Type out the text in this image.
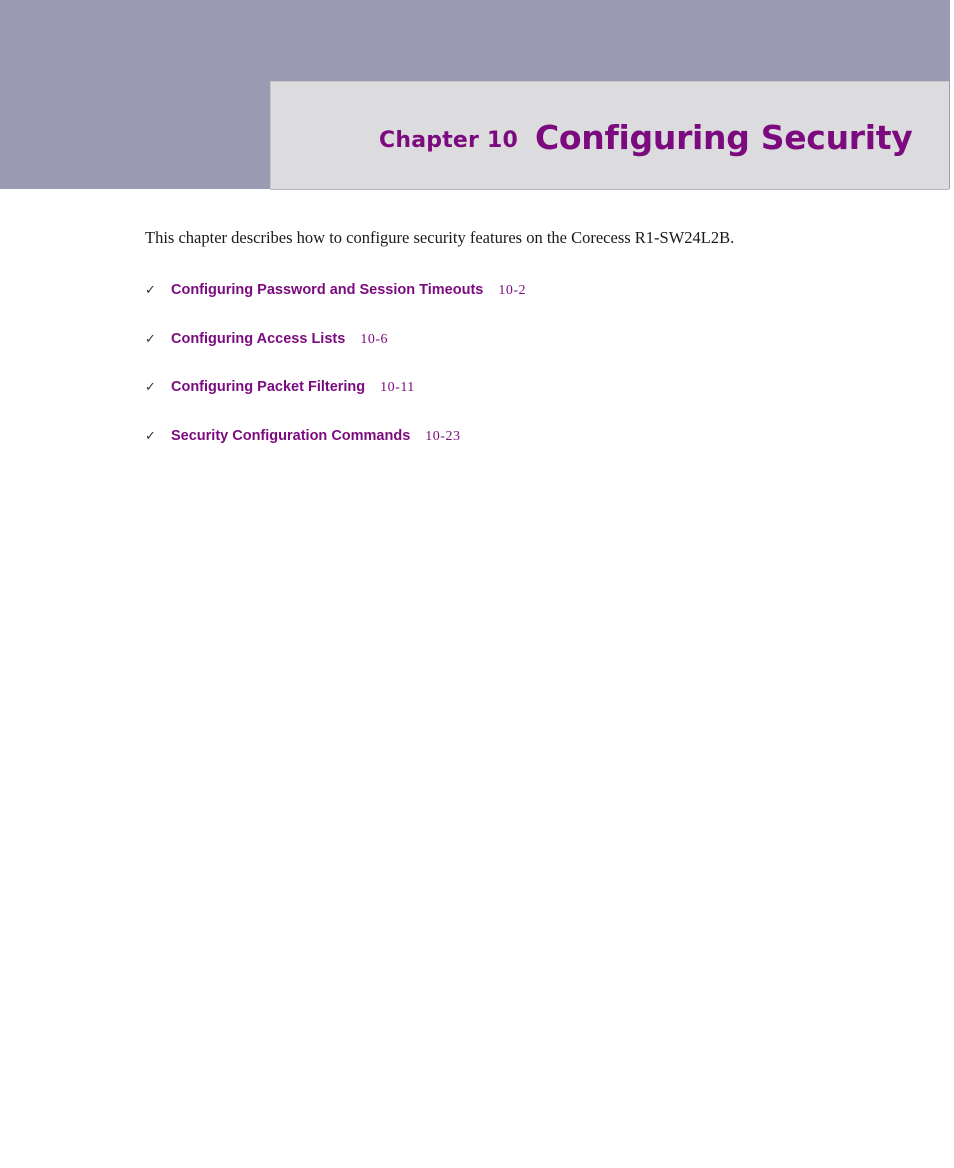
Chapter 10 Configuring Security

This chapter describes how to configure security features on the Corecess R1-SW24L2B.

✓	Configuring Password and Session Timeouts 10-2
✓	Configuring Access Lists 10-6
✓	Configuring Packet Filtering 10-11
✓	Security Configuration Commands 10-23
